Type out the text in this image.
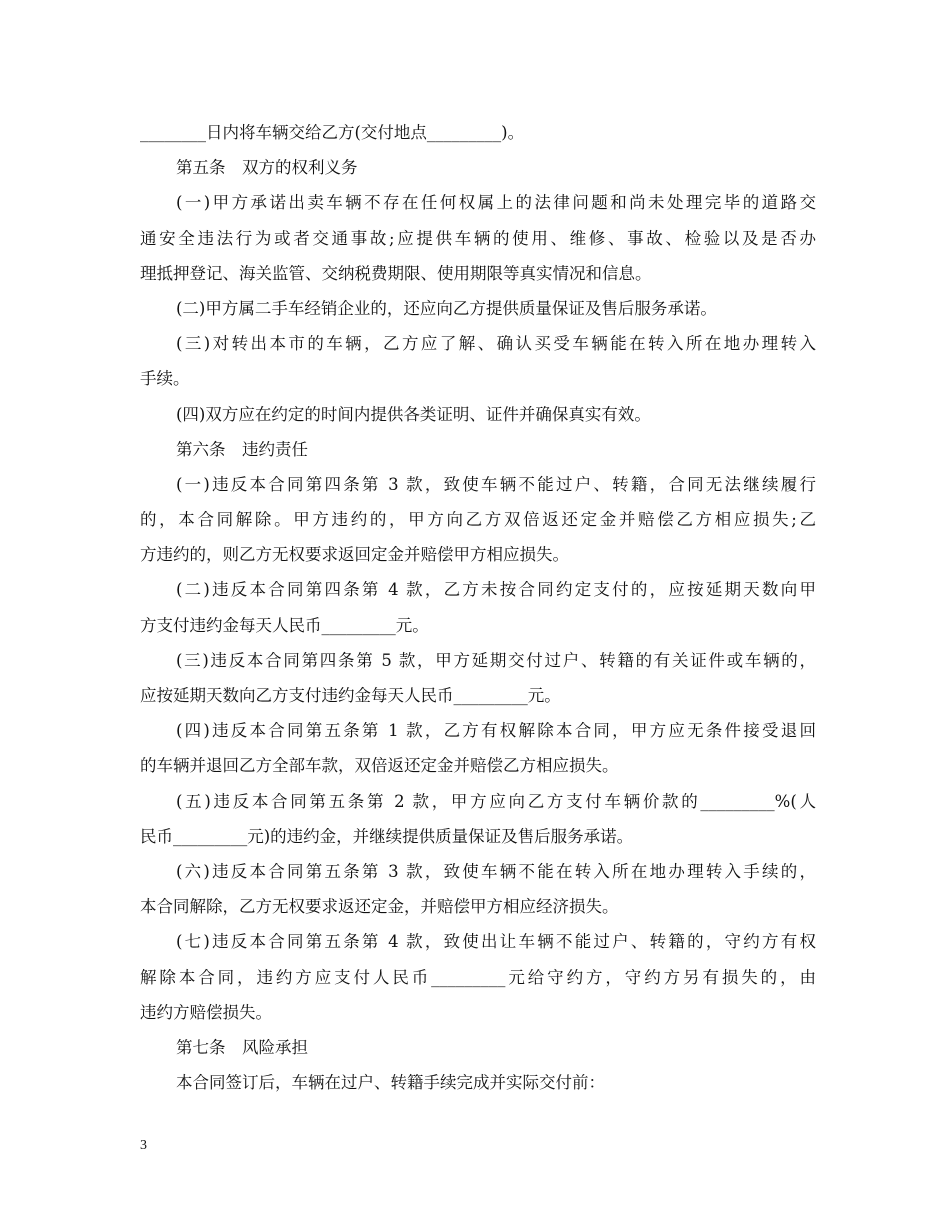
________日内将车辆交给乙方(交付地点_________)。
第五条　双方的权利义务
(一)甲方承诺出卖车辆不存在任何权属上的法律问题和尚未处理完毕的道路交
通安全违法行为或者交通事故;应提供车辆的使用、维修、事故、检验以及是否办
理抵押登记、海关监管、交纳税费期限、使用期限等真实情况和信息。
(二)甲方属二手车经销企业的，还应向乙方提供质量保证及售后服务承诺。
(三)对转出本市的车辆，乙方应了解、确认买受车辆能在转入所在地办理转入
手续。
(四)双方应在约定的时间内提供各类证明、证件并确保真实有效。
第六条　违约责任
(一)违反本合同第四条第 3 款，致使车辆不能过户、转籍，合同无法继续履行
的，本合同解除。甲方违约的，甲方向乙方双倍返还定金并赔偿乙方相应损失;乙
方违约的，则乙方无权要求返回定金并赔偿甲方相应损失。
(二)违反本合同第四条第 4 款，乙方未按合同约定支付的，应按延期天数向甲
方支付违约金每天人民币_________元。
(三)违反本合同第四条第 5 款，甲方延期交付过户、转籍的有关证件或车辆的，
应按延期天数向乙方支付违约金每天人民币_________元。
(四)违反本合同第五条第 1 款，乙方有权解除本合同，甲方应无条件接受退回
的车辆并退回乙方全部车款，双倍返还定金并赔偿乙方相应损失。
(五)违反本合同第五条第 2 款，甲方应向乙方支付车辆价款的_________%(人
民币_________元)的违约金，并继续提供质量保证及售后服务承诺。
(六)违反本合同第五条第 3 款，致使车辆不能在转入所在地办理转入手续的，
本合同解除，乙方无权要求返还定金，并赔偿甲方相应经济损失。
(七)违反本合同第五条第 4 款，致使出让车辆不能过户、转籍的，守约方有权
解除本合同，违约方应支付人民币_________元给守约方，守约方另有损失的，由
违约方赔偿损失。
第七条　风险承担
本合同签订后，车辆在过户、转籍手续完成并实际交付前：
3
